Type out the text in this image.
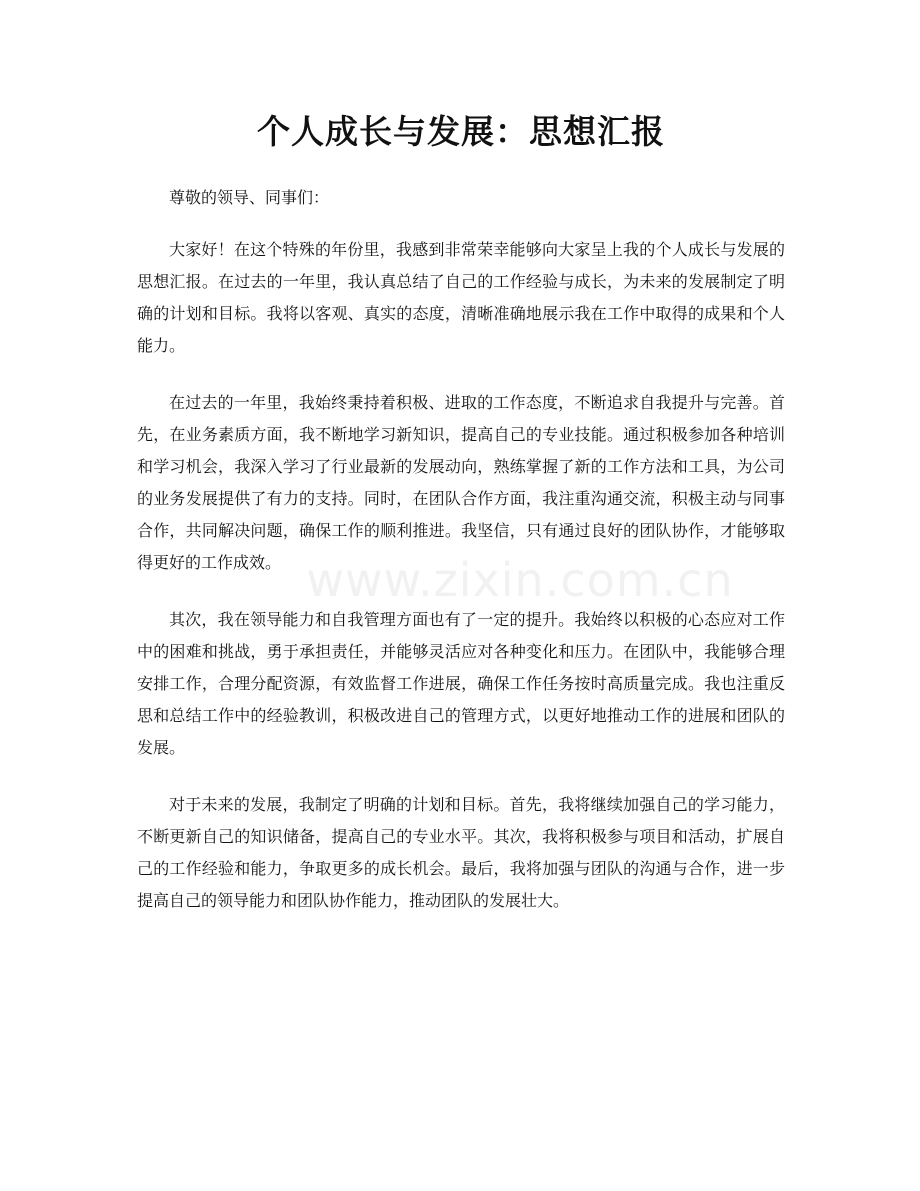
个人成长与发展：思想汇报

尊敬的领导、同事们：

大家好！在这个特殊的年份里，我感到非常荣幸能够向大家呈上我的个人成长与发展的思想汇报。在过去的一年里，我认真总结了自己的工作经验与成长，为未来的发展制定了明确的计划和目标。我将以客观、真实的态度，清晰准确地展示我在工作中取得的成果和个人能力。

在过去的一年里，我始终秉持着积极、进取的工作态度，不断追求自我提升与完善。首先，在业务素质方面，我不断地学习新知识，提高自己的专业技能。通过积极参加各种培训和学习机会，我深入学习了行业最新的发展动向，熟练掌握了新的工作方法和工具，为公司的业务发展提供了有力的支持。同时，在团队合作方面，我注重沟通交流，积极主动与同事合作，共同解决问题，确保工作的顺利推进。我坚信，只有通过良好的团队协作，才能够取得更好的工作成效。

其次，我在领导能力和自我管理方面也有了一定的提升。我始终以积极的心态应对工作中的困难和挑战，勇于承担责任，并能够灵活应对各种变化和压力。在团队中，我能够合理安排工作，合理分配资源，有效监督工作进展，确保工作任务按时高质量完成。我也注重反思和总结工作中的经验教训，积极改进自己的管理方式，以更好地推动工作的进展和团队的发展。

对于未来的发展，我制定了明确的计划和目标。首先，我将继续加强自己的学习能力，不断更新自己的知识储备，提高自己的专业水平。其次，我将积极参与项目和活动，扩展自己的工作经验和能力，争取更多的成长机会。最后，我将加强与团队的沟通与合作，进一步提高自己的领导能力和团队协作能力，推动团队的发展壮大。

www.zixin.com.cn
